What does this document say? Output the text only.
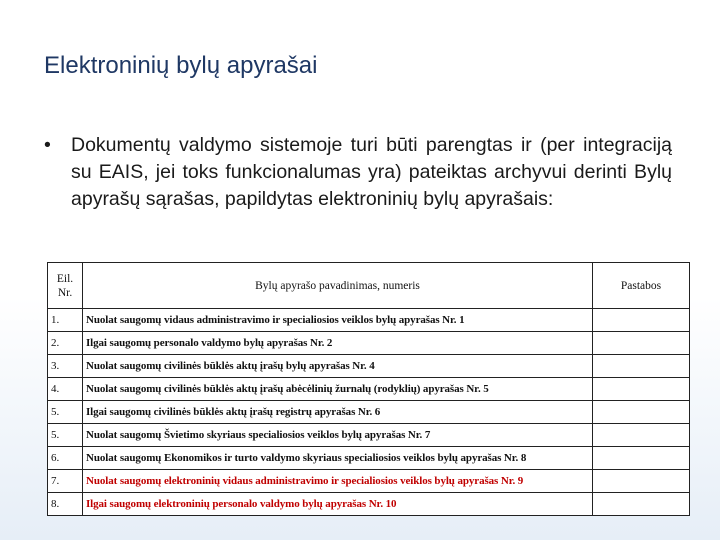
Elektroninių bylų apyrašai
• Dokumentų valdymo sistemoje turi būti parengtas ir (per integraciją su EAIS, jei toks funkcionalumas yra) pateiktas archyvui derinti Bylų apyrašų sąrašas, papildytas elektroninių bylų apyrašais:
Eil. Nr.	Bylų apyrašo pavadinimas, numeris	Pastabos
1.	Nuolat saugomų vidaus administravimo ir specialiosios veiklos bylų apyrašas Nr. 1	
2.	Ilgai saugomų personalo valdymo bylų apyrašas Nr. 2	
3.	Nuolat saugomų civilinės būklės aktų įrašų bylų apyrašas Nr. 4	
4.	Nuolat saugomų civilinės būklės aktų įrašų abėcėlinių žurnalų (rodyklių) apyrašas Nr. 5	
5.	Ilgai saugomų civilinės būklės aktų įrašų registrų apyrašas Nr. 6	
5.	Nuolat saugomų Švietimo skyriaus specialiosios veiklos bylų apyrašas Nr. 7	
6.	Nuolat saugomų Ekonomikos ir turto valdymo skyriaus specialiosios veiklos bylų apyrašas Nr. 8	
7.	Nuolat saugomų elektroninių vidaus administravimo ir specialiosios veiklos bylų apyrašas Nr. 9	
8.	Ilgai saugomų elektroninių personalo valdymo bylų apyrašas Nr. 10	
